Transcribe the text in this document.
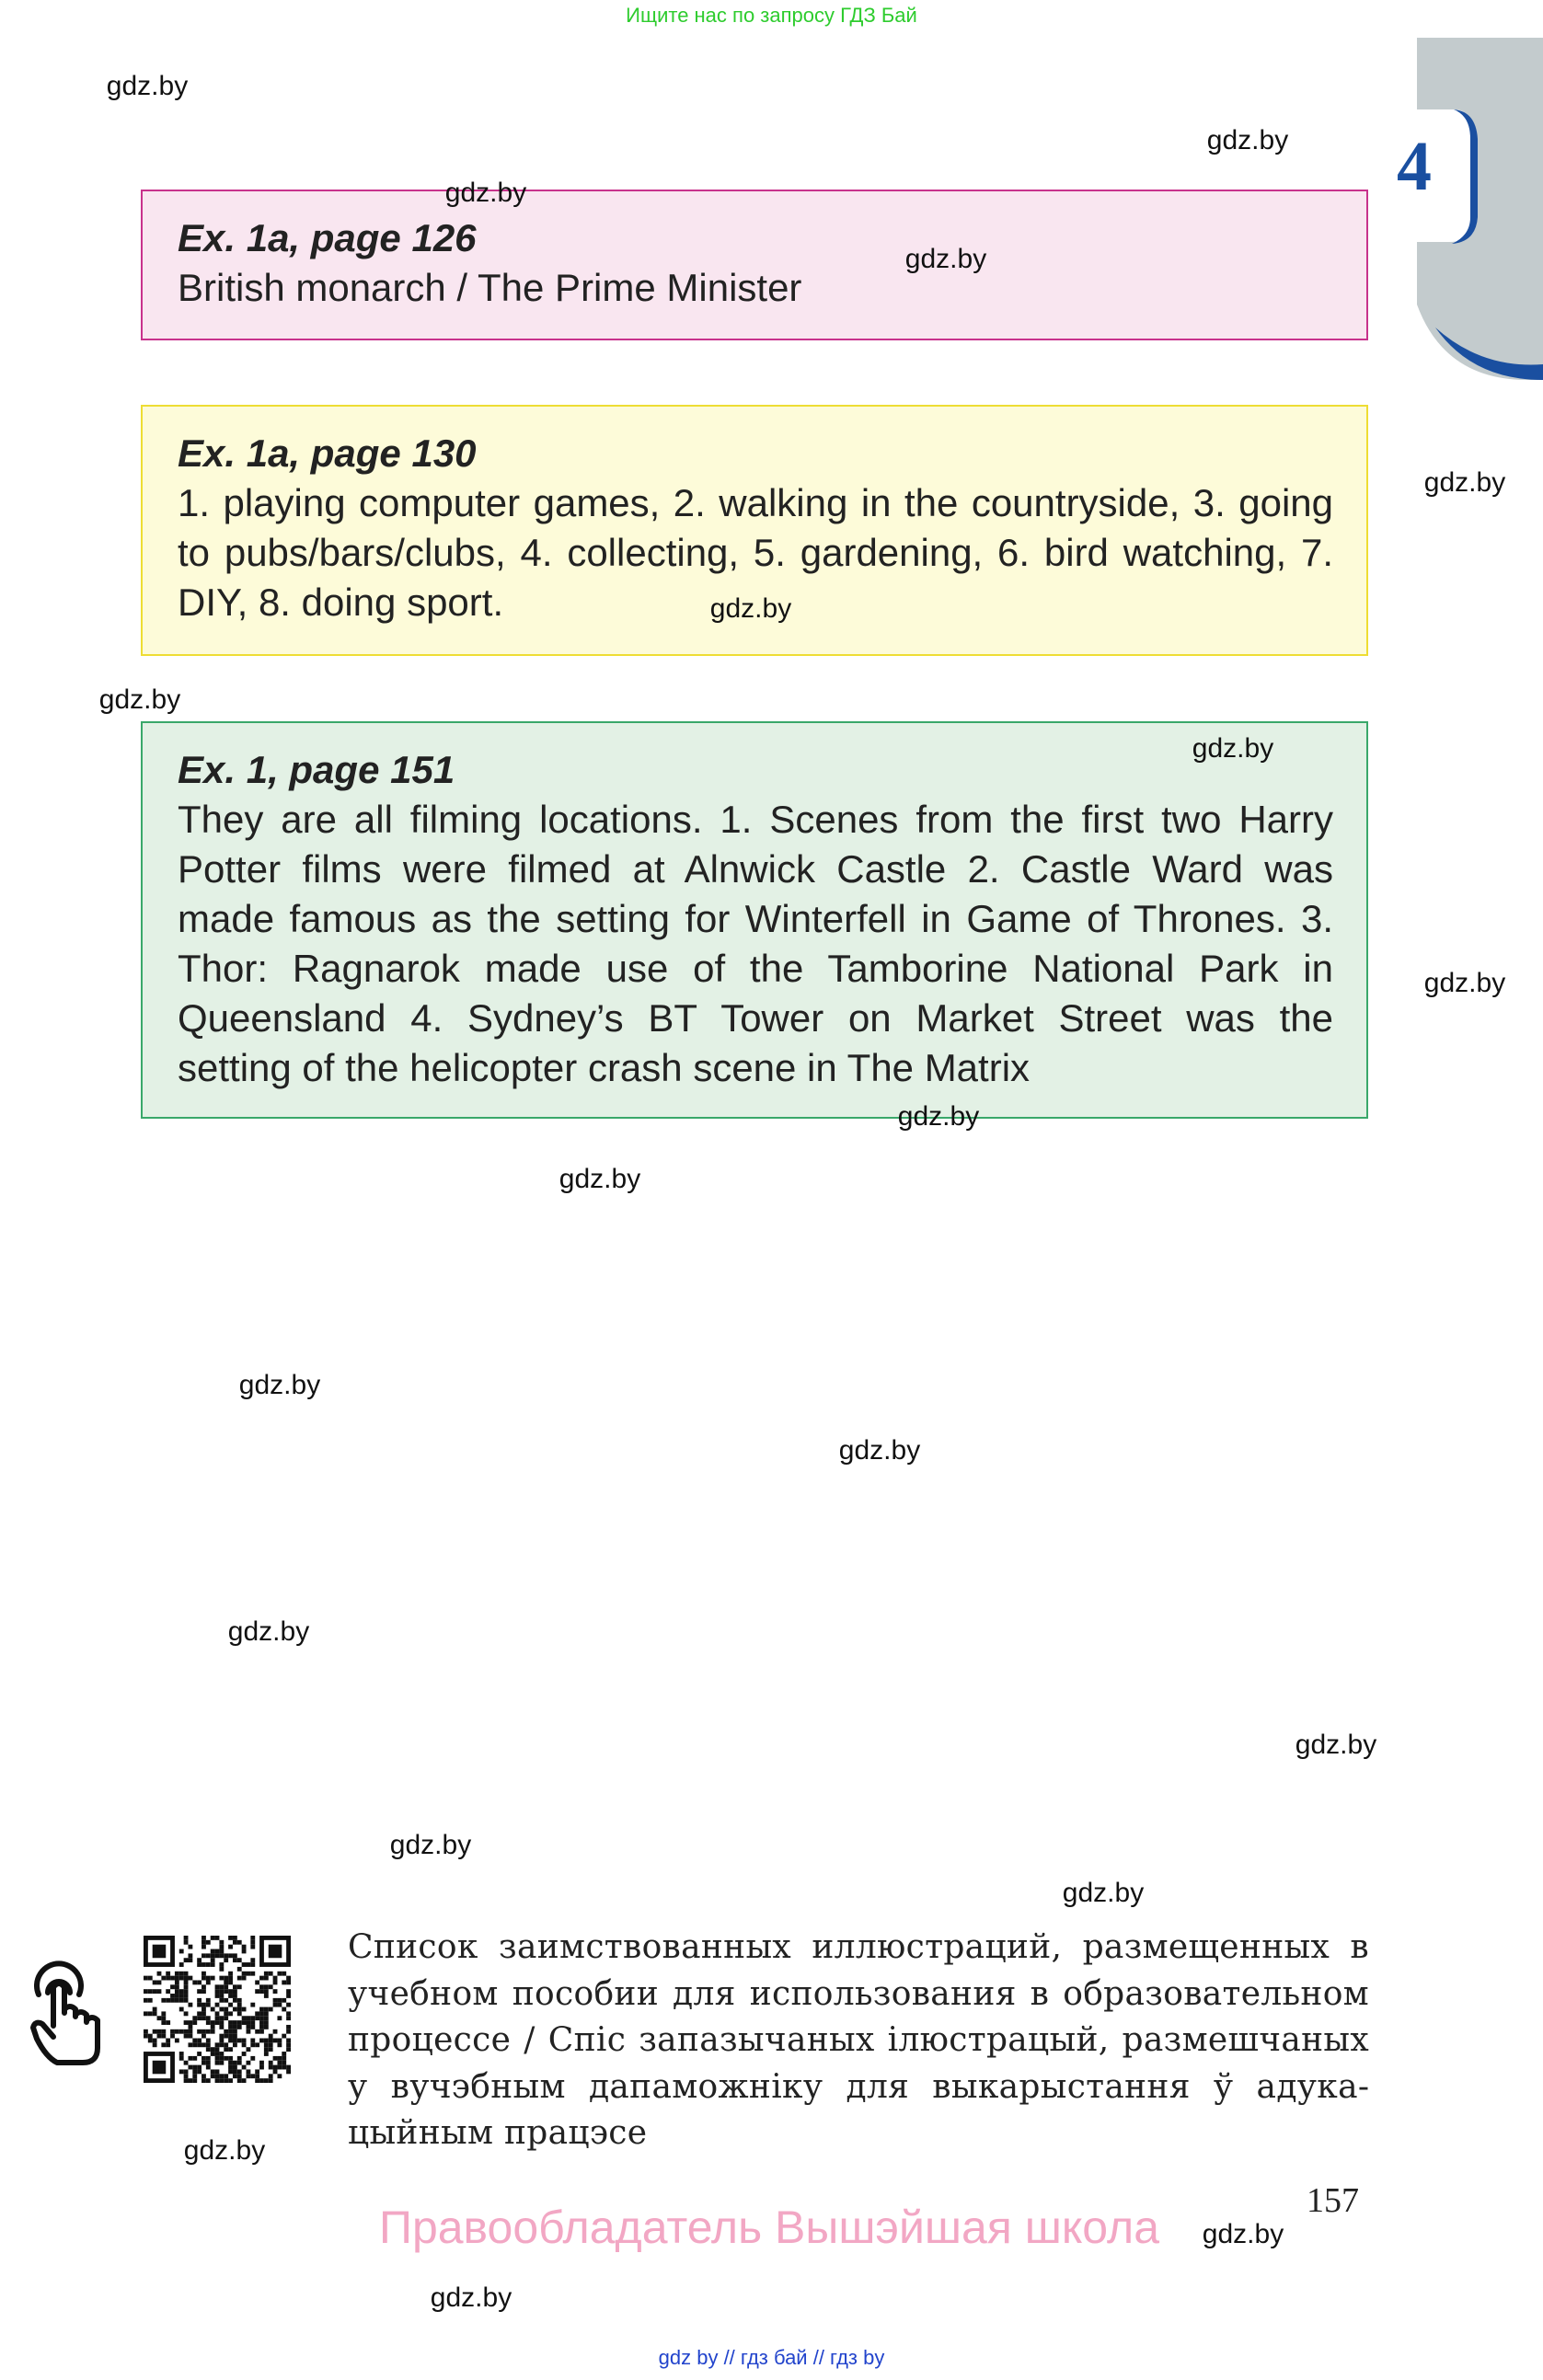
Ищите нас по запросу ГДЗ Бай
4
Ex. 1a, page 126
British monarch / The Prime Minister
Ex. 1a, page 130
1. playing computer games, 2. walking in the countryside, 3. going to pubs/bars/clubs, 4. collecting, 5. gardening, 6. bird watching, 7. DIY, 8. doing sport.
Ex. 1, page 151
They are all filming locations. 1. Scenes from the first two Harry Potter films were filmed at Alnwick Castle 2. Castle Ward was made famous as the setting for Winterfell in Game of Thrones. 3. Thor: Ragnarok made use of the Tamborine National Park in Queensland 4. Sydney’s BT Tower on Market Street was the setting of the helicopter crash scene in The Matrix
gdz.by
gdz.by
gdz.by
gdz.by
gdz.by
gdz.by
gdz.by
gdz.by
gdz.by
gdz.by
gdz.by
gdz.by
gdz.by
gdz.by
gdz.by
gdz.by
gdz.by
gdz.by
gdz.by
gdz.by
Список заимствованных иллюстраций, размещенных в учебном пособии для использования в образовательном процессе / Спіс запазычаных ілюстрацый, размешчаных у вучэбным дапаможніку для выкарыстання ў адукацыйным працэсе
157
Правообладатель Вышэйшая школа
gdz by // гдз бай // гдз by
